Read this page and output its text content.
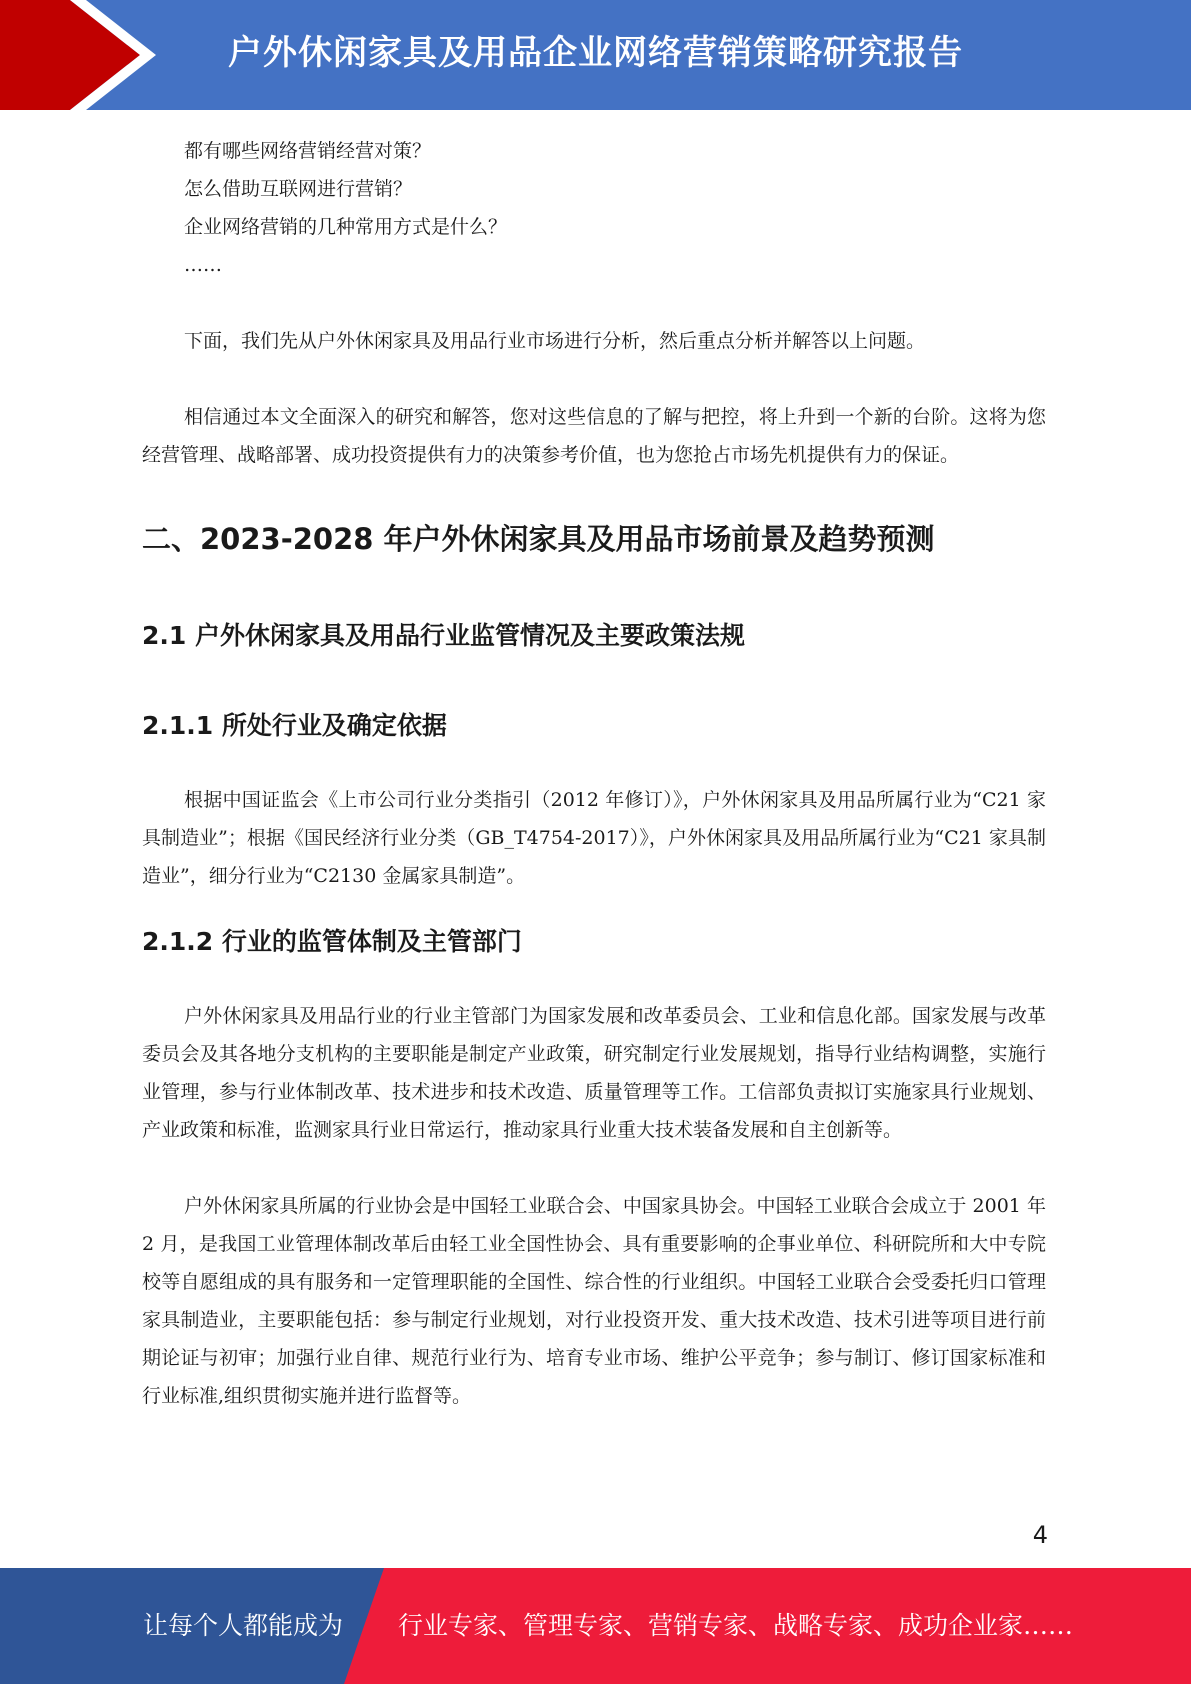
户外休闲家具及用品企业网络营销策略研究报告
都有哪些网络营销经营对策？
怎么借助互联网进行营销？
企业网络营销的几种常用方式是什么？
……

下面，我们先从户外休闲家具及用品行业市场进行分析，然后重点分析并解答以上问题。

相信通过本文全面深入的研究和解答，您对这些信息的了解与把控，将上升到一个新的台阶。这将为您经营管理、战略部署、成功投资提供有力的决策参考价值，也为您抢占市场先机提供有力的保证。

二、2023-2028 年户外休闲家具及用品市场前景及趋势预测
2.1 户外休闲家具及用品行业监管情况及主要政策法规
2.1.1 所处行业及确定依据

根据中国证监会《上市公司行业分类指引（2012 年修订）》，户外休闲家具及用品所属行业为“C21 家具制造业”；根据《国民经济行业分类（GB_T4754-2017）》，户外休闲家具及用品所属行业为“C21 家具制造业”，细分行业为“C2130 金属家具制造”。

2.1.2 行业的监管体制及主管部门

户外休闲家具及用品行业的行业主管部门为国家发展和改革委员会、工业和信息化部。国家发展与改革委员会及其各地分支机构的主要职能是制定产业政策，研究制定行业发展规划，指导行业结构调整，实施行业管理，参与行业体制改革、技术进步和技术改造、质量管理等工作。工信部负责拟订实施家具行业规划、产业政策和标准，监测家具行业日常运行，推动家具行业重大技术装备发展和自主创新等。

户外休闲家具所属的行业协会是中国轻工业联合会、中国家具协会。中国轻工业联合会成立于 2001 年 2 月，是我国工业管理体制改革后由轻工业全国性协会、具有重要影响的企事业单位、科研院所和大中专院校等自愿组成的具有服务和一定管理职能的全国性、综合性的行业组织。中国轻工业联合会受委托归口管理家具制造业，主要职能包括：参与制定行业规划，对行业投资开发、重大技术改造、技术引进等项目进行前期论证与初审；加强行业自律、规范行业行为、培育专业市场、维护公平竞争；参与制订、修订国家标准和行业标准,组织贯彻实施并进行监督等。

4
让每个人都能成为 行业专家、管理专家、营销专家、战略专家、成功企业家……
